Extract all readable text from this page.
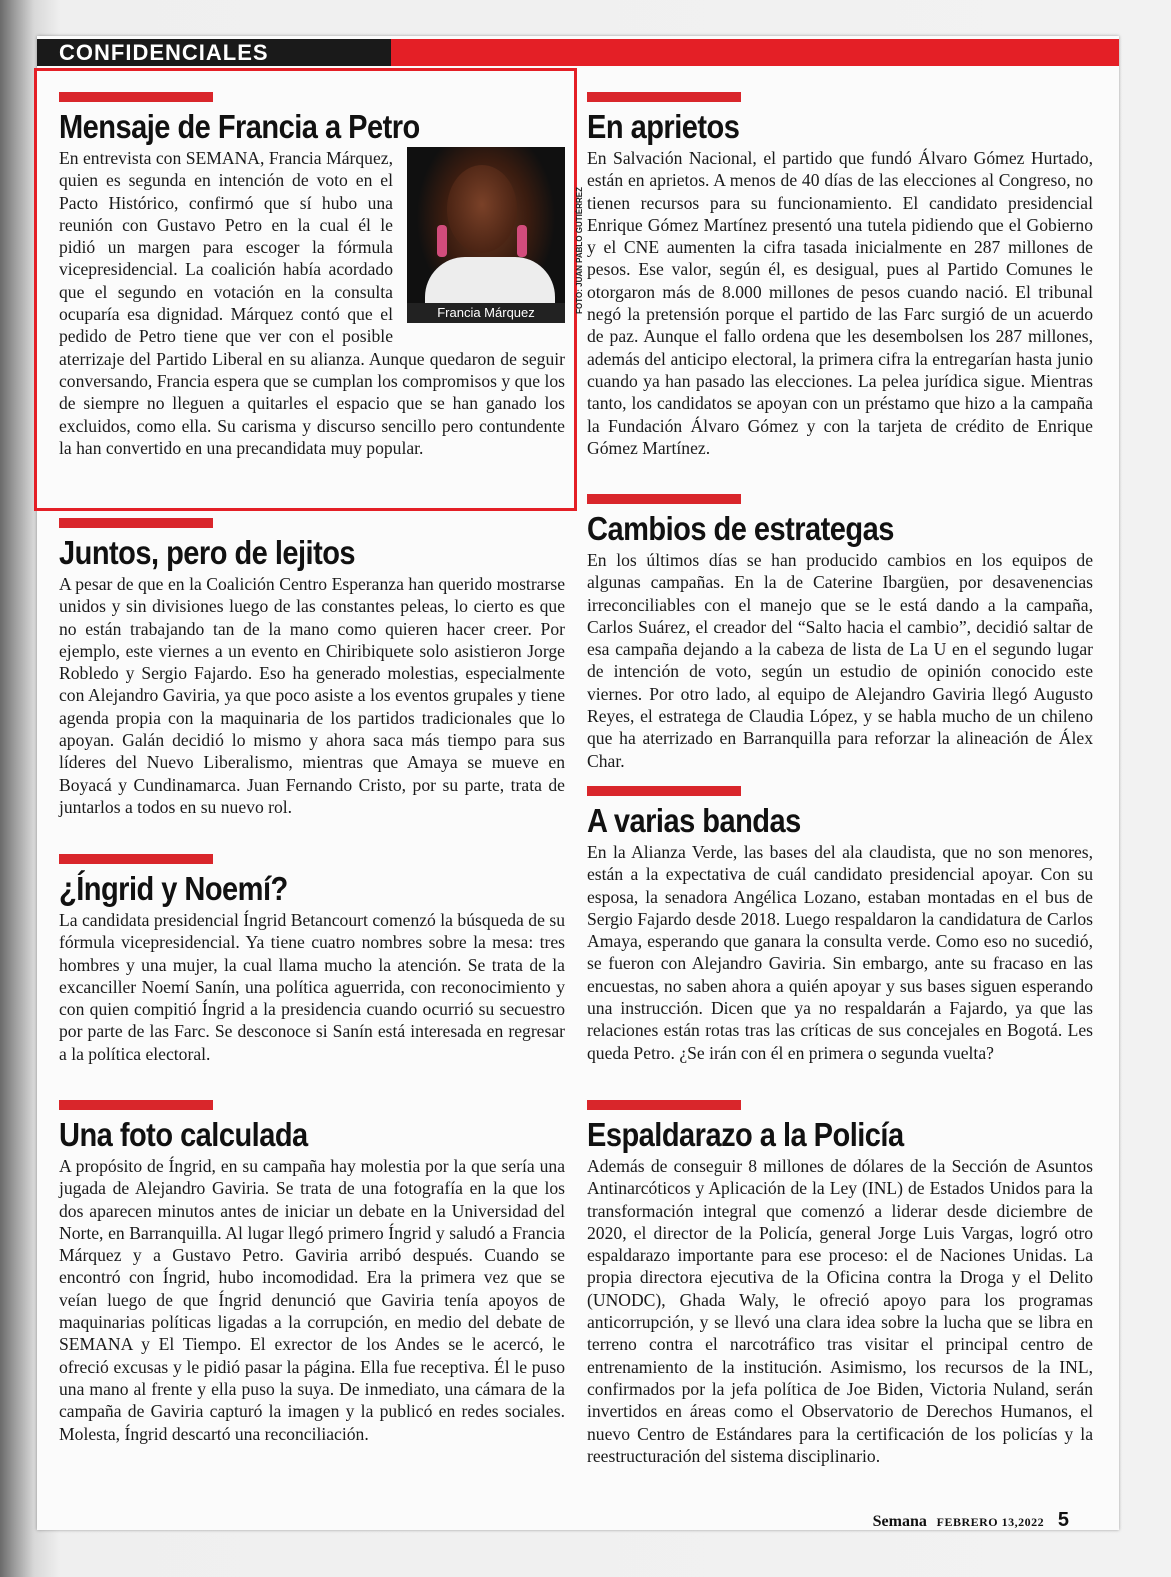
CONFIDENCIALES
Mensaje de Francia a Petro

Francia Márquez	FOTO: JUAN PABLO GUTIÉRREZ
En entrevista con SEMANA, Francia Márquez, quien es segunda en intención de voto en el Pacto Histórico, confirmó que sí hubo una reunión con Gustavo Petro en la cual él le pidió un margen para escoger la fórmula vicepresidencial. La coalición había acordado que el segundo en votación en la consulta ocuparía esa dignidad. Márquez contó que el pedido de Petro tiene que ver con el posible aterrizaje del Partido Liberal en su alianza. Aunque quedaron de seguir conversando, Francia espera que se cumplan los compromisos y que los de siempre no lleguen a quitarles el espacio que se han ganado los excluidos, como ella. Su carisma y discurso sencillo pero contundente la han convertido en una precandidata muy popular.

Juntos, pero de lejitos

A pesar de que en la Coalición Centro Esperanza han querido mostrarse unidos y sin divisiones luego de las constantes peleas, lo cierto es que no están trabajando tan de la mano como quieren hacer creer. Por ejemplo, este viernes a un evento en Chiribiquete solo asistieron Jorge Robledo y Sergio Fajardo. Eso ha generado molestias, especialmente con Alejandro Gaviria, ya que poco asiste a los eventos grupales y tiene agenda propia con la maquinaria de los partidos tradicionales que lo apoyan. Galán decidió lo mismo y ahora saca más tiempo para sus líderes del Nuevo Liberalismo, mientras que Amaya se mueve en Boyacá y Cundinamarca. Juan Fernando Cristo, por su parte, trata de juntarlos a todos en su nuevo rol.

¿Íngrid y Noemí?

La candidata presidencial Íngrid Betancourt comenzó la búsqueda de su fórmula vicepresidencial. Ya tiene cuatro nombres sobre la mesa: tres hombres y una mujer, la cual llama mucho la atención. Se trata de la excanciller Noemí Sanín, una política aguerrida, con reconocimiento y con quien compitió Íngrid a la presidencia cuando ocurrió su secuestro por parte de las Farc. Se desconoce si Sanín está interesada en regresar a la política electoral.

Una foto calculada

A propósito de Íngrid, en su campaña hay molestia por la que sería una jugada de Alejandro Gaviria. Se trata de una fotografía en la que los dos aparecen minutos antes de iniciar un debate en la Universidad del Norte, en Barranquilla. Al lugar llegó primero Íngrid y saludó a Francia Márquez y a Gustavo Petro. Gaviria arribó después. Cuando se encontró con Íngrid, hubo incomodidad. Era la primera vez que se veían luego de que Íngrid denunció que Gaviria tenía apoyos de maquinarias políticas ligadas a la corrupción, en medio del debate de SEMANA y El Tiempo. El exrector de los Andes se le acercó, le ofreció excusas y le pidió pasar la página. Ella fue receptiva. Él le puso una mano al frente y ella puso la suya. De inmediato, una cámara de la campaña de Gaviria capturó la imagen y la publicó en redes sociales. Molesta, Íngrid descartó una reconciliación.

En aprietos

En Salvación Nacional, el partido que fundó Álvaro Gómez Hurtado, están en aprietos. A menos de 40 días de las elecciones al Congreso, no tienen recursos para su funcionamiento. El candidato presidencial Enrique Gómez Martínez presentó una tutela pidiendo que el Gobierno y el CNE aumenten la cifra tasada inicialmente en 287 millones de pesos. Ese valor, según él, es desigual, pues al Partido Comunes le otorgaron más de 8.000 millones de pesos cuando nació. El tribunal negó la pretensión porque el partido de las Farc surgió de un acuerdo de paz. Aunque el fallo ordena que les desembolsen los 287 millones, además del anticipo electoral, la primera cifra la entregarían hasta junio cuando ya han pasado las elecciones. La pelea jurídica sigue. Mientras tanto, los candidatos se apoyan con un préstamo que hizo a la campaña la Fundación Álvaro Gómez y con la tarjeta de crédito de Enrique Gómez Martínez.

Cambios de estrategas

En los últimos días se han producido cambios en los equipos de algunas campañas. En la de Caterine Ibargüen, por desavenencias irreconciliables con el manejo que se le está dando a la campaña, Carlos Suárez, el creador del “Salto hacia el cambio”, decidió saltar de esa campaña dejando a la cabeza de lista de La U en el segundo lugar de intención de voto, según un estudio de opinión conocido este viernes. Por otro lado, al equipo de Alejandro Gaviria llegó Augusto Reyes, el estratega de Claudia López, y se habla mucho de un chileno que ha aterrizado en Barranquilla para reforzar la alineación de Álex Char.

A varias bandas

En la Alianza Verde, las bases del ala claudista, que no son menores, están a la expectativa de cuál candidato presidencial apoyar. Con su esposa, la senadora Angélica Lozano, estaban montadas en el bus de Sergio Fajardo desde 2018. Luego respaldaron la candidatura de Carlos Amaya, esperando que ganara la consulta verde. Como eso no sucedió, se fueron con Alejandro Gaviria. Sin embargo, ante su fracaso en las encuestas, no saben ahora a quién apoyar y sus bases siguen esperando una instrucción. Dicen que ya no respaldarán a Fajardo, ya que las relaciones están rotas tras las críticas de sus concejales en Bogotá. Les queda Petro. ¿Se irán con él en primera o segunda vuelta?

Espaldarazo a la Policía

Además de conseguir 8 millones de dólares de la Sección de Asuntos Antinarcóticos y Aplicación de la Ley (INL) de Estados Unidos para la transformación integral que comenzó a liderar desde diciembre de 2020, el director de la Policía, general Jorge Luis Vargas, logró otro espaldarazo importante para ese proceso: el de Naciones Unidas. La propia directora ejecutiva de la Oficina contra la Droga y el Delito (UNODC), Ghada Waly, le ofreció apoyo para los programas anticorrupción, y se llevó una clara idea sobre la lucha que se libra en terreno contra el narcotráfico tras visitar el principal centro de entrenamiento de la institución. Asimismo, los recursos de la INL, confirmados por la jefa política de Joe Biden, Victoria Nuland, serán invertidos en áreas como el Observatorio de Derechos Humanos, el nuevo Centro de Estándares para la certificación de los policías y la reestructuración del sistema disciplinario.

Semana FEBRERO 13,2022 5
